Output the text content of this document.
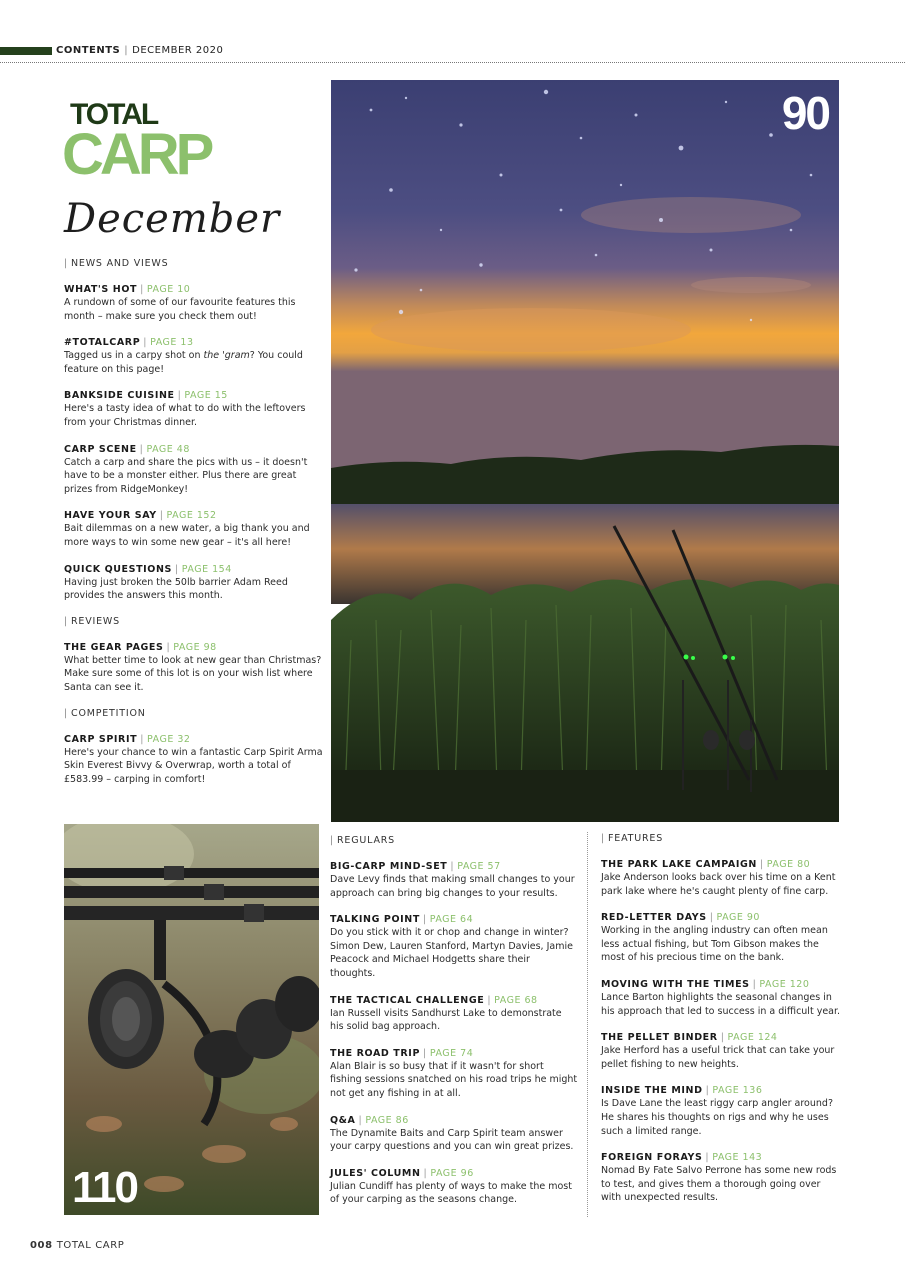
CONTENTS | DECEMBER 2020
TOTAL
CARP
December
| NEWS AND VIEWS
WHAT'S HOT | PAGE 10
A rundown of some of our favourite features this month – make sure you check them out!
#TOTALCARP | PAGE 13
Tagged us in a carpy shot on the 'gram? You could feature on this page!
BANKSIDE CUISINE | PAGE 15
Here's a tasty idea of what to do with the leftovers from your Christmas dinner.
CARP SCENE | PAGE 48
Catch a carp and share the pics with us – it doesn't have to be a monster either. Plus there are great prizes from RidgeMonkey!
HAVE YOUR SAY | PAGE 152
Bait dilemmas on a new water, a big thank you and more ways to win some new gear – it's all here!
QUICK QUESTIONS | PAGE 154
Having just broken the 50lb barrier Adam Reed provides the answers this month.
| REVIEWS
THE GEAR PAGES | PAGE 98
What better time to look at new gear than Christmas? Make sure some of this lot is on your wish list where Santa can see it.
| COMPETITION
CARP SPIRIT | PAGE 32
Here's your chance to win a fantastic Carp Spirit Arma Skin Everest Bivvy & Overwrap, worth a total of £583.99 – carping in comfort!
90
110
| REGULARS
BIG-CARP MIND-SET | PAGE 57
Dave Levy finds that making small changes to your approach can bring big changes to your results.
TALKING POINT | PAGE 64
Do you stick with it or chop and change in winter? Simon Dew, Lauren Stanford, Martyn Davies, Jamie Peacock and Michael Hodgetts share their thoughts.
THE TACTICAL CHALLENGE | PAGE 68
Ian Russell visits Sandhurst Lake to demonstrate his solid bag approach.
THE ROAD TRIP | PAGE 74
Alan Blair is so busy that if it wasn't for short fishing sessions snatched on his road trips he might not get any fishing in at all.
Q&A | PAGE 86
The Dynamite Baits and Carp Spirit team answer your carpy questions and you can win great prizes.
JULES' COLUMN | PAGE 96
Julian Cundiff has plenty of ways to make the most of your carping as the seasons change.
| FEATURES
THE PARK LAKE CAMPAIGN | PAGE 80
Jake Anderson looks back over his time on a Kent park lake where he's caught plenty of fine carp.
RED-LETTER DAYS | PAGE 90
Working in the angling industry can often mean less actual fishing, but Tom Gibson makes the most of his precious time on the bank.
MOVING WITH THE TIMES | PAGE 120
Lance Barton highlights the seasonal changes in his approach that led to success in a difficult year.
THE PELLET BINDER | PAGE 124
Jake Herford has a useful trick that can take your pellet fishing to new heights.
INSIDE THE MIND | PAGE 136
Is Dave Lane the least riggy carp angler around? He shares his thoughts on rigs and why he uses such a limited range.
FOREIGN FORAYS | PAGE 143
Nomad By Fate Salvo Perrone has some new rods to test, and gives them a thorough going over with unexpected results.
008 TOTAL CARP
